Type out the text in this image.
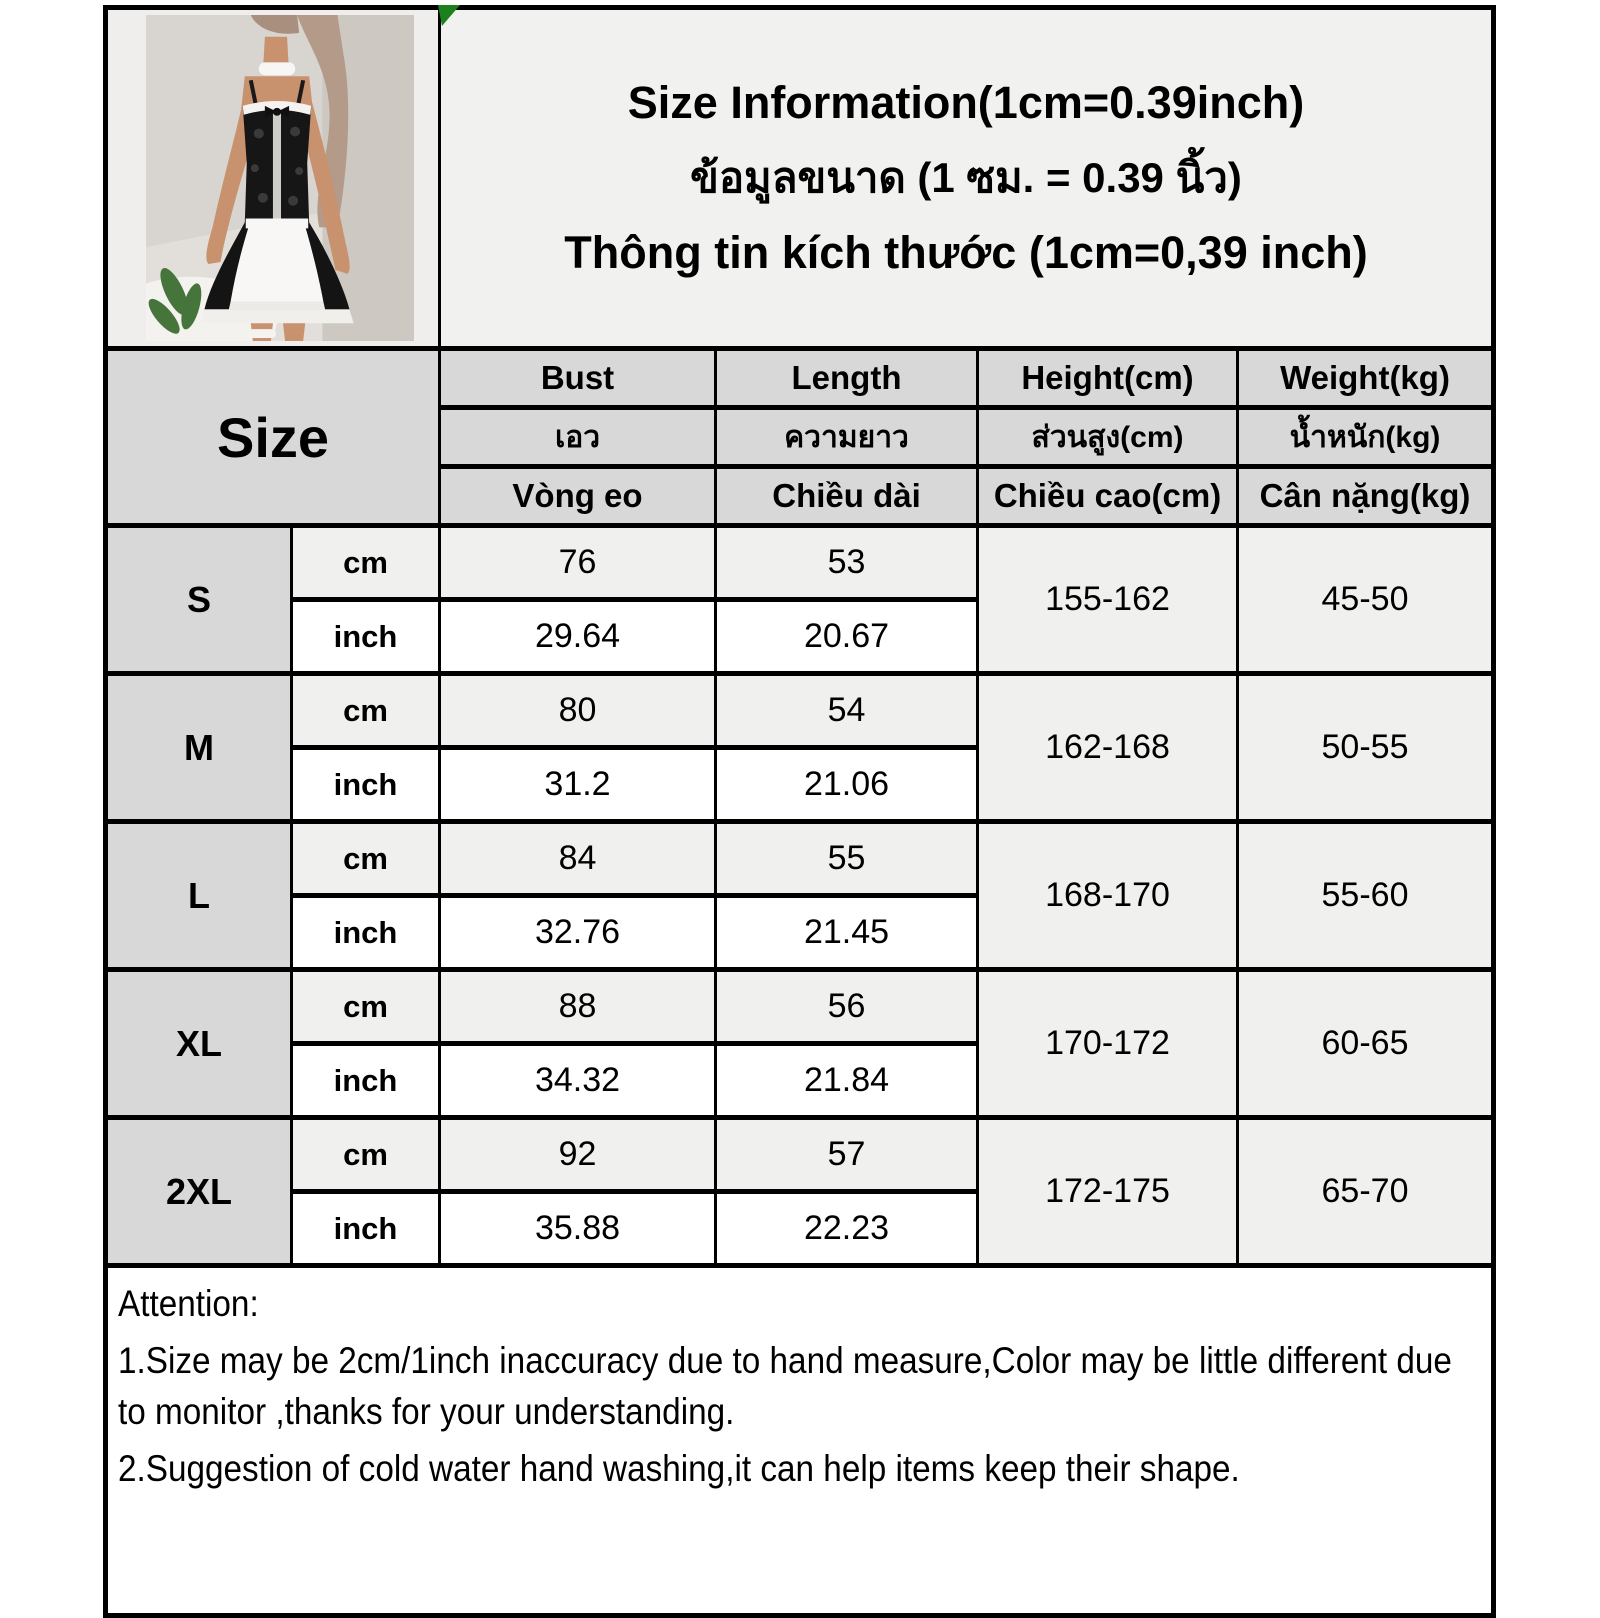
Size Information(1cm=0.39inch)
ข้อมูลขนาด (1 ซม. = 0.39 นิ้ว)
Thông tin kích thước (1cm=0,39 inch)			

Size		Bust	Length	Height(cm)	Weight(kg)
		เอว	ความยาว	ส่วนสูง(cm)	น้ำหนัก(kg)
		Vòng eo	Chiều dài	Chiều cao(cm)	Cân nặng(kg)
S	cm	76	53	155-162	45-50
	inch	29.64	20.67		
M	cm	80	54	162-168	50-55
	inch	31.2	21.06		
L	cm	84	55	168-170	55-60
	inch	32.76	21.45		
XL	cm	88	56	170-172	60-65
	inch	34.32	21.84		
2XL	cm	92	57	172-175	65-70
	inch	35.88	22.23		

Attention:
1.Size may be 2cm/1inch inaccuracy due to hand measure,Color may be little different due to monitor ,thanks for your understanding.
2.Suggestion of cold water hand washing,it can help items keep their shape.					
